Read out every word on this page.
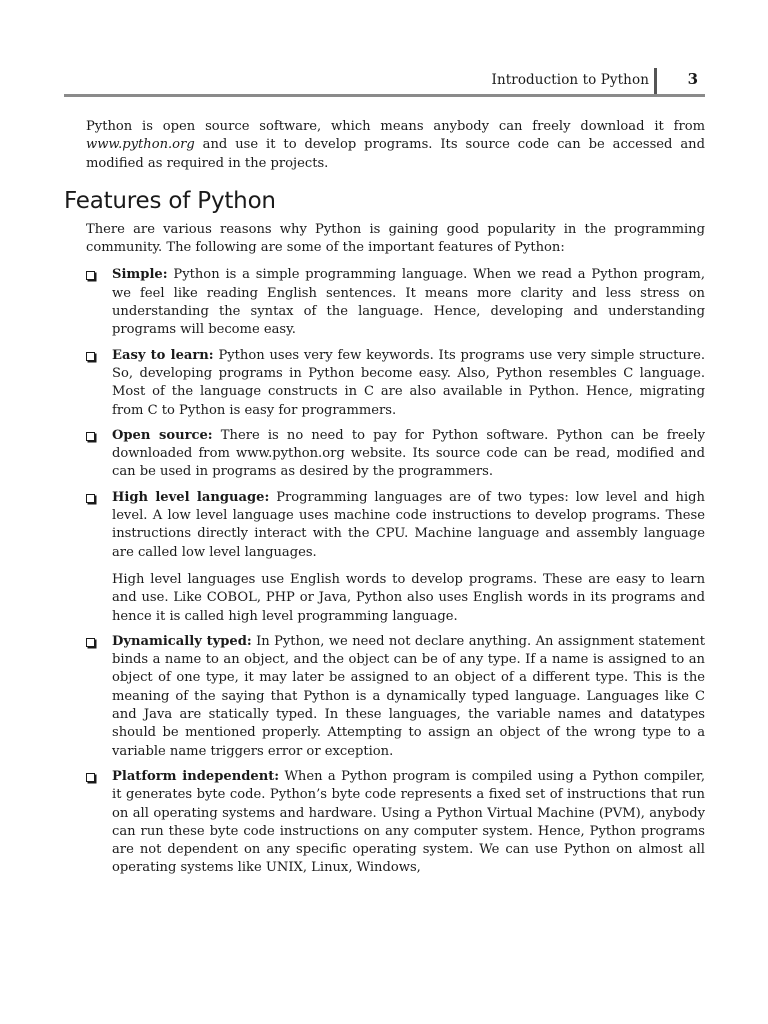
Introduction to Python	3

Python is open source software, which means anybody can freely download it from www.python.org and use it to develop programs. Its source code can be accessed and modified as required in the projects.

Features of Python

There are various reasons why Python is gaining good popularity in the programming community. The following are some of the important features of Python:

Simple: Python is a simple programming language. When we read a Python program, we feel like reading English sentences. It means more clarity and less stress on understanding the syntax of the language. Hence, developing and understanding programs will become easy.

Easy to learn: Python uses very few keywords. Its programs use very simple structure. So, developing programs in Python become easy. Also, Python resembles C language. Most of the language constructs in C are also available in Python. Hence, migrating from C to Python is easy for programmers.

Open source: There is no need to pay for Python software. Python can be freely downloaded from www.python.org website. Its source code can be read, modified and can be used in programs as desired by the programmers.

High level language: Programming languages are of two types: low level and high level. A low level language uses machine code instructions to develop programs. These instructions directly interact with the CPU. Machine language and assembly language are called low level languages.

High level languages use English words to develop programs. These are easy to learn and use. Like COBOL, PHP or Java, Python also uses English words in its programs and hence it is called high level programming language.

Dynamically typed: In Python, we need not declare anything. An assignment statement binds a name to an object, and the object can be of any type. If a name is assigned to an object of one type, it may later be assigned to an object of a different type. This is the meaning of the saying that Python is a dynamically typed language. Languages like C and Java are statically typed. In these languages, the variable names and datatypes should be mentioned properly. Attempting to assign an object of the wrong type to a variable name triggers error or exception.

Platform independent: When a Python program is compiled using a Python compiler, it generates byte code. Python’s byte code represents a fixed set of instructions that run on all operating systems and hardware. Using a Python Virtual Machine (PVM), anybody can run these byte code instructions on any computer system. Hence, Python programs are not dependent on any specific operating system. We can use Python on almost all operating systems like UNIX, Linux, Windows,
